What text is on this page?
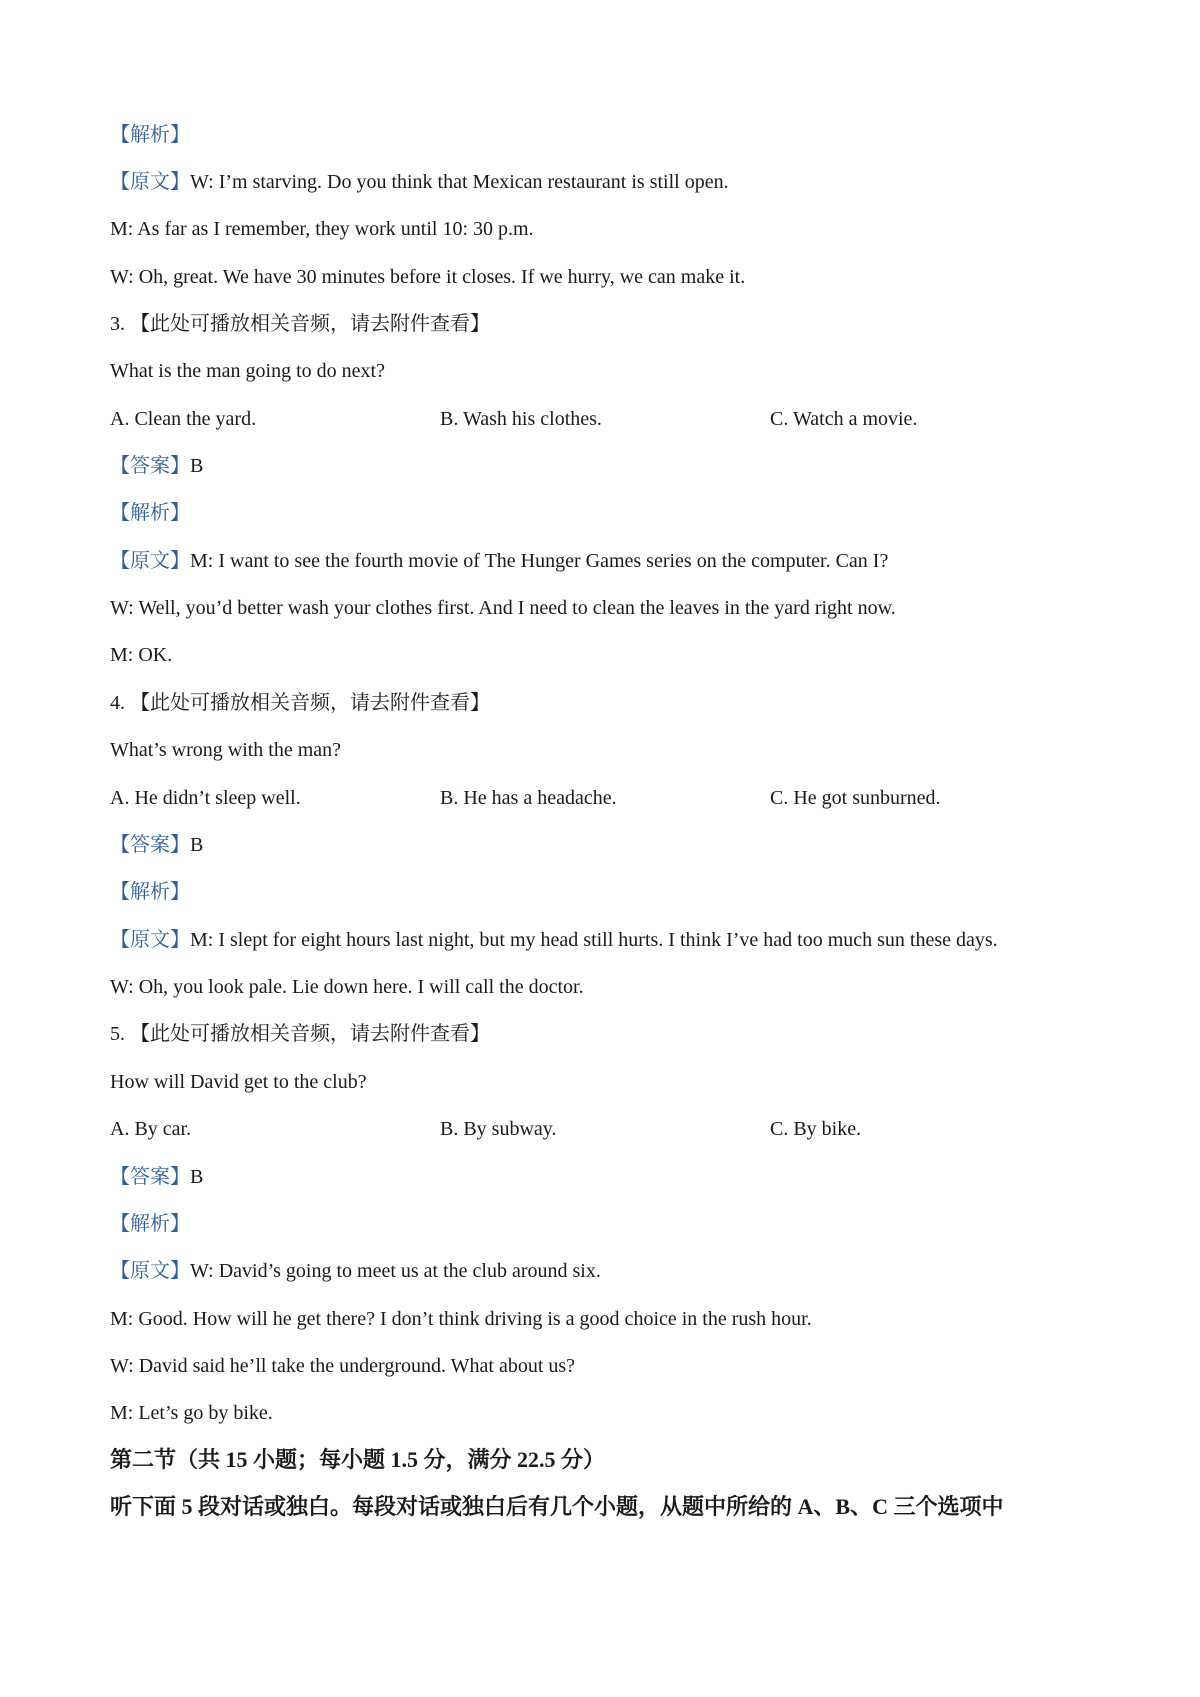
【解析】
【原文】W: I’m starving. Do you think that Mexican restaurant is still open.
M: As far as I remember, they work until 10: 30 p.m.
W: Oh, great. We have 30 minutes before it closes. If we hurry, we can make it.
3. 【此处可播放相关音频，请去附件查看】
What is the man going to do next?
A. Clean the yard.	B. Wash his clothes.	C. Watch a movie.
【答案】B
【解析】
【原文】M: I want to see the fourth movie of The Hunger Games series on the computer. Can I?
W: Well, you’d better wash your clothes first. And I need to clean the leaves in the yard right now.
M: OK.
4. 【此处可播放相关音频，请去附件查看】
What’s wrong with the man?
A. He didn’t sleep well.	B. He has a headache.	C. He got sunburned.
【答案】B
【解析】
【原文】M: I slept for eight hours last night, but my head still hurts. I think I’ve had too much sun these days.
W: Oh, you look pale. Lie down here. I will call the doctor.
5. 【此处可播放相关音频，请去附件查看】
How will David get to the club?
A. By car.	B. By subway.	C. By bike.
【答案】B
【解析】
【原文】W: David’s going to meet us at the club around six.
M: Good. How will he get there? I don’t think driving is a good choice in the rush hour.
W: David said he’ll take the underground. What about us?
M: Let’s go by bike.
第二节（共 15 小题；每小题 1.5 分，满分 22.5 分）
听下面 5 段对话或独白。每段对话或独白后有几个小题，从题中所给的 A、B、C 三个选项中
